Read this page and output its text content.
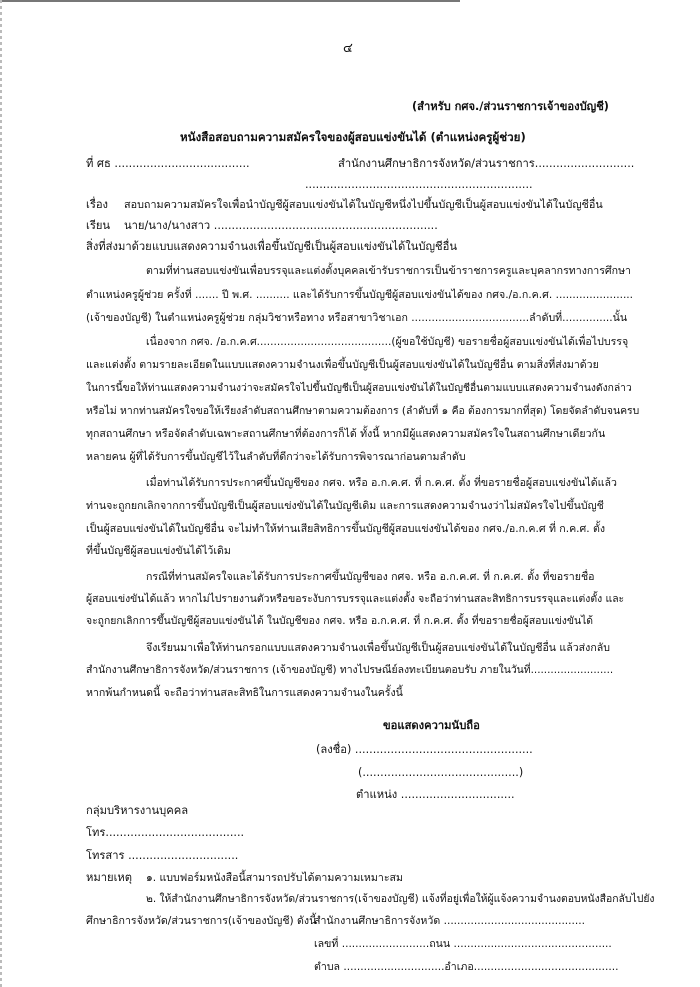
๔
(สำหรับ กศจ./ส่วนราชการเจ้าของบัญชี)
หนังสือสอบถามความสมัครใจของผู้สอบแข่งขันได้ (ตำแหน่งครูผู้ช่วย)
ที่ ศธ ......................................	สำนักงานศึกษาธิการจังหวัด/ส่วนราชการ............................
................................................................
เรื่อง สอบถามความสมัครใจเพื่อนำบัญชีผู้สอบแข่งขันได้ในบัญชีหนึ่งไปขึ้นบัญชีเป็นผู้สอบแข่งขันได้ในบัญชีอื่น
เรียน นาย/นาง/นางสาว ...............................................................
สิ่งที่ส่งมาด้วย แบบแสดงความจำนงเพื่อขึ้นบัญชีเป็นผู้สอบแข่งขันได้ในบัญชีอื่น
ตามที่ท่านสอบแข่งขันเพื่อบรรจุและแต่งตั้งบุคคลเข้ารับราชการเป็นข้าราชการครูและบุคลากรทางการศึกษา
ตำแหน่งครูผู้ช่วย ครั้งที่ ....... ปี พ.ศ. .......... และได้รับการขึ้นบัญชีผู้สอบแข่งขันได้ของ กศจ./อ.ก.ค.ศ. .......................
(เจ้าของบัญชี) ในตำแหน่งครูผู้ช่วย กลุ่มวิชาหรือทาง หรือสาขาวิชาเอก ...................................ลำดับที่...............นั้น
เนื่องจาก กศจ. /อ.ก.ค.ศ........................................(ผู้ขอใช้บัญชี) ขอรายชื่อผู้สอบแข่งขันได้เพื่อไปบรรจุ
และแต่งตั้ง ตามรายละเอียดในแบบแสดงความจำนงเพื่อขึ้นบัญชีเป็นผู้สอบแข่งขันได้ในบัญชีอื่น ตามสิ่งที่ส่งมาด้วย
ในการนี้ขอให้ท่านแสดงความจำนงว่าจะสมัครใจไปขึ้นบัญชีเป็นผู้สอบแข่งขันได้ในบัญชีอื่นตามแบบแสดงความจำนงดังกล่าว
หรือไม่ หากท่านสมัครใจขอให้เรียงลำดับสถานศึกษาตามความต้องการ (ลำดับที่ ๑ คือ ต้องการมากที่สุด) โดยจัดลำดับจนครบ
ทุกสถานศึกษา หรือจัดลำดับเฉพาะสถานศึกษาที่ต้องการก็ได้ ทั้งนี้ หากมีผู้แสดงความสมัครใจในสถานศึกษาเดียวกัน
หลายคน ผู้ที่ได้รับการขึ้นบัญชีไว้ในลำดับที่ดีกว่าจะได้รับการพิจารณาก่อนตามลำดับ
เมื่อท่านได้รับการประกาศขึ้นบัญชีของ กศจ. หรือ อ.ก.ค.ศ. ที่ ก.ค.ศ. ตั้ง ที่ขอรายชื่อผู้สอบแข่งขันได้แล้ว
ท่านจะถูกยกเลิกจากการขึ้นบัญชีเป็นผู้สอบแข่งขันได้ในบัญชีเดิม และการแสดงความจำนงว่าไม่สมัครใจไปขึ้นบัญชี
เป็นผู้สอบแข่งขันได้ในบัญชีอื่น จะไม่ทำให้ท่านเสียสิทธิการขึ้นบัญชีผู้สอบแข่งขันได้ของ กศจ./อ.ก.ค.ศ ที่ ก.ค.ศ. ตั้ง
ที่ขึ้นบัญชีผู้สอบแข่งขันได้ไว้เดิม
กรณีที่ท่านสมัครใจและได้รับการประกาศขึ้นบัญชีของ กศจ. หรือ อ.ก.ค.ศ. ที่ ก.ค.ศ. ตั้ง ที่ขอรายชื่อ
ผู้สอบแข่งขันได้แล้ว หากไม่ไปรายงานตัวหรือขอระงับการบรรจุและแต่งตั้ง จะถือว่าท่านสละสิทธิการบรรจุและแต่งตั้ง และ
จะถูกยกเลิกการขึ้นบัญชีผู้สอบแข่งขันได้ ในบัญชีของ กศจ. หรือ อ.ก.ค.ศ. ที่ ก.ค.ศ. ตั้ง ที่ขอรายชื่อผู้สอบแข่งขันได้
จึงเรียนมาเพื่อให้ท่านกรอกแบบแสดงความจำนงเพื่อขึ้นบัญชีเป็นผู้สอบแข่งขันได้ในบัญชีอื่น แล้วส่งกลับ
สำนักงานศึกษาธิการจังหวัด/ส่วนราชการ (เจ้าของบัญชี) ทางไปรษณีย์ลงทะเบียนตอบรับ ภายในวันที่.........................
หากพ้นกำหนดนี้ จะถือว่าท่านสละสิทธิในการแสดงความจำนงในครั้งนี้
ขอแสดงความนับถือ
(ลงชื่อ) ..................................................
(............................................)
ตำแหน่ง ................................
กลุ่มบริหารงานบุคคล
โทร.......................................
โทรสาร ...............................
หมายเหตุ ๑. แบบฟอร์มหนังสือนี้สามารถปรับได้ตามความเหมาะสม
๒. ให้สำนักงานศึกษาธิการจังหวัด/ส่วนราชการ(เจ้าของบัญชี) แจ้งที่อยู่เพื่อให้ผู้แจ้งความจำนงตอบหนังสือกลับไปยัง
ศึกษาธิการจังหวัด/ส่วนราชการ(เจ้าของบัญชี) ดังนี้
สำนักงานศึกษาธิการจังหวัด ..........................................
เลขที่ ..........................ถนน ...............................................
ตำบล ..............................อำเภอ...........................................
